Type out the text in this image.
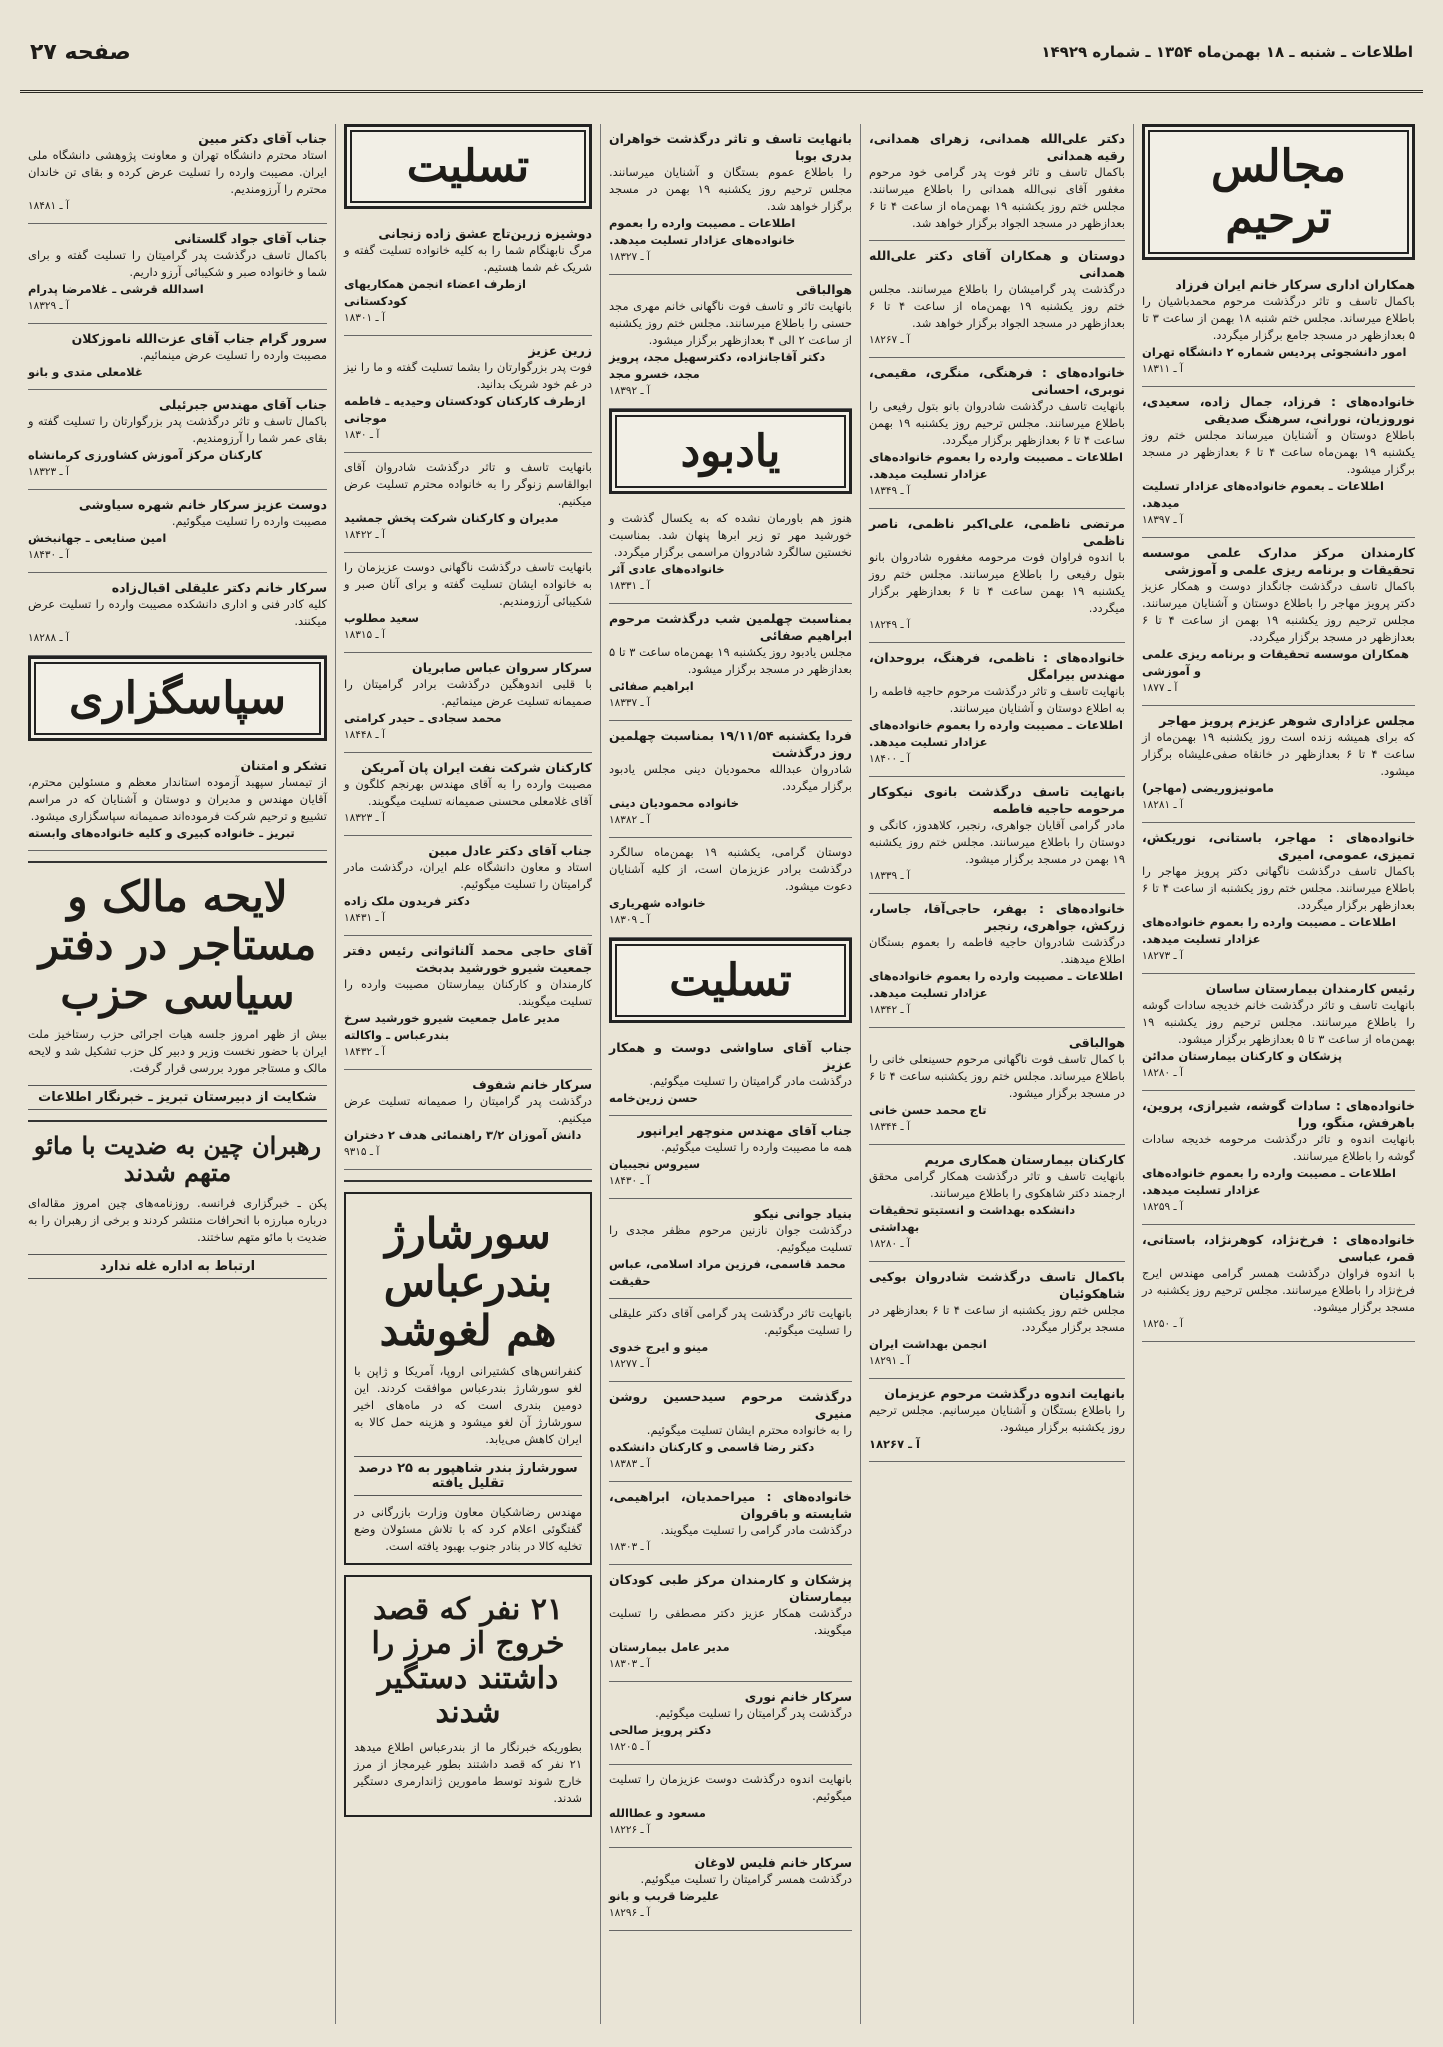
اطلاعات ـ شنبه ـ ۱۸ بهمن‌ماه ۱۳۵۴ ـ شماره ۱۴۹۲۹
صفحه ۲۷
مجالس ترحیم
همکاران اداری سرکار خانم ایران فرزاد
باکمال تاسف و تاثر درگذشت مرحوم محمدباشیان را باطلاع میرساند. مجلس ختم شنبه ۱۸ بهمن از ساعت ۳ تا ۵ بعدازظهر در مسجد جامع برگزار میگردد.
امور دانشجوئی پردیس شماره ۲ دانشگاه تهران
آ ـ ۱۸۳۱۱
خانواده‌های : فرزاد، جمال زاده، سعیدی، نوروزیان، نورانی، سرهنگ صدیقی
باطلاع دوستان و آشنایان میرساند مجلس ختم روز یکشنبه ۱۹ بهمن‌ماه ساعت ۴ تا ۶ بعدازظهر در مسجد برگزار میشود.
اطلاعات ـ بعموم خانواده‌های عزادار تسلیت میدهد.
آ ـ ۱۸۳۹۷
کارمندان مرکز مدارک علمی موسسه تحقیقات و برنامه ریزی علمی و آموزشی
باکمال تاسف درگذشت جانگداز دوست و همکار عزیز دکتر پرویز مهاجر را باطلاع دوستان و آشنایان میرسانند. مجلس ترحیم روز یکشنبه ۱۹ بهمن از ساعت ۴ تا ۶ بعدازظهر در مسجد برگزار میگردد.
همکاران موسسه تحقیقات و برنامه ریزی علمی و آموزشی
آ ـ ۱۸۷۷
مجلس عزاداری شوهر عزیزم پرویز مهاجر
که برای همیشه زنده است روز یکشنبه ۱۹ بهمن‌ماه از ساعت ۴ تا ۶ بعدازظهر در خانقاه صفی‌علیشاه برگزار میشود.
مامونیزوریضی (مهاجر)
آ ـ ۱۸۲۸۱
خانواده‌های : مهاجر، باستانی، نوریکش، تمیزی، عمومی، امیری
باکمال تاسف درگذشت ناگهانی دکتر پرویز مهاجر را باطلاع میرسانند. مجلس ختم روز یکشنبه از ساعت ۴ تا ۶ بعدازظهر برگزار میگردد.
اطلاعات ـ مصیبت وارده را بعموم خانواده‌های عزادار تسلیت میدهد.
آ ـ ۱۸۲۷۳
رئیس کارمندان بیمارستان ساسان
بانهایت تاسف و تاثر درگذشت خانم خدیجه سادات گوشه را باطلاع میرسانند. مجلس ترحیم روز یکشنبه ۱۹ بهمن‌ماه از ساعت ۳ تا ۵ بعدازظهر برگزار میشود.
پزشکان و کارکنان بیمارستان مدائن
آ ـ ۱۸۲۸۰
خانواده‌های : سادات گوشه، شیرازی، پروین، باهرفش، منگو، ورا
بانهایت اندوه و تاثر درگذشت مرحومه خدیجه سادات گوشه را باطلاع میرسانند.
اطلاعات ـ مصیبت وارده را بعموم خانواده‌های عزادار تسلیت میدهد.
آ ـ ۱۸۲۵۹
خانواده‌های : فرخ‌نژاد، کوهرنژاد، باستانی، قمر، عباسی
با اندوه فراوان درگذشت همسر گرامی مهندس ایرج فرخ‌نژاد را باطلاع میرسانند. مجلس ترحیم روز یکشنبه در مسجد برگزار میشود.
آ ـ ۱۸۲۵۰
دکتر علی‌الله همدانی، زهرای همدانی، رقیه همدانی
باکمال تاسف و تاثر فوت پدر گرامی خود مرحوم مغفور آقای نبی‌الله همدانی را باطلاع میرسانند. مجلس ختم روز یکشنبه ۱۹ بهمن‌ماه از ساعت ۴ تا ۶ بعدازظهر در مسجد الجواد برگزار خواهد شد.
دوستان و همکاران آقای دکتر علی‌الله همدانی
درگذشت پدر گرامیشان را باطلاع میرسانند. مجلس ختم روز یکشنبه ۱۹ بهمن‌ماه از ساعت ۴ تا ۶ بعدازظهر در مسجد الجواد برگزار خواهد شد.
آ ـ ۱۸۲۶۷
خانواده‌های : فرهنگی، منگری، مقیمی، نوبری، احسانی
بانهایت تاسف درگذشت شادروان بانو بتول رفیعی را باطلاع میرسانند. مجلس ترحیم روز یکشنبه ۱۹ بهمن ساعت ۴ تا ۶ بعدازظهر برگزار میگردد.
اطلاعات ـ مصیبت وارده را بعموم خانواده‌های عزادار تسلیت میدهد.
آ ـ ۱۸۳۴۹
مرتضی ناظمی، علی‌اکبر ناظمی، ناصر ناظمی
با اندوه فراوان فوت مرحومه مغفوره شادروان بانو بتول رفیعی را باطلاع میرسانند. مجلس ختم روز یکشنبه ۱۹ بهمن ساعت ۴ تا ۶ بعدازظهر برگزار میگردد.
آ ـ ۱۸۲۴۹
خانواده‌های : ناظمی، فرهنگ، بروحدان، مهندس بیرامگل
بانهایت تاسف و تاثر درگذشت مرحوم حاجیه فاطمه را به اطلاع دوستان و آشنایان میرسانند.
اطلاعات ـ مصیبت وارده را بعموم خانواده‌های عزادار تسلیت میدهد.
آ ـ ۱۸۴۰۰
بانهایت تاسف درگذشت بانوی نیکوکار مرحومه حاجیه فاطمه
مادر گرامی آقایان جواهری، رنجبر، کلاهدوز، کانگی و دوستان را باطلاع میرسانند. مجلس ختم روز یکشنبه ۱۹ بهمن در مسجد برگزار میشود.
آ ـ ۱۸۳۳۹
خانواده‌های : بهفر، حاجی‌آقا، جاسار، زرکش، جواهری، رنجبر
درگذشت شادروان حاجیه فاطمه را بعموم بستگان اطلاع میدهند.
اطلاعات ـ مصیبت وارده را بعموم خانواده‌های عزادار تسلیت میدهد.
آ ـ ۱۸۳۴۲
هوالباقی
با کمال تاسف فوت ناگهانی مرحوم حسینعلی خانی را باطلاع میرساند. مجلس ختم روز یکشنبه ساعت ۴ تا ۶ در مسجد برگزار میشود.
تاج محمد حسن خانی
آ ـ ۱۸۳۴۴
کارکنان بیمارستان همکاری مریم
بانهایت تاسف و تاثر درگذشت همکار گرامی محقق ارجمند دکتر شاهکوی را باطلاع میرسانند.
دانشکده بهداشت و انستیتو تحقیقات بهداشتی
آ ـ ۱۸۲۸۰
باکمال تاسف درگذشت شادروان بوکیی شاهکوئیان
مجلس ختم روز یکشنبه از ساعت ۴ تا ۶ بعدازظهر در مسجد برگزار میگردد.
انجمن بهداشت ایران
آ ـ ۱۸۲۹۱
بانهایت اندوه درگذشت مرحوم عزیزمان
را باطلاع بستگان و آشنایان میرسانیم. مجلس ترحیم روز یکشنبه برگزار میشود.
آ ـ ۱۸۲۶۷
بانهایت تاسف و تاثر درگذشت خواهران بدری بوبا
را باطلاع عموم بستگان و آشنایان میرسانند. مجلس ترحیم روز یکشنبه ۱۹ بهمن در مسجد برگزار خواهد شد.
اطلاعات ـ مصیبت وارده را بعموم خانواده‌های عزادار تسلیت میدهد.
آ ـ ۱۸۳۲۷
هوالباقی
بانهایت تاثر و تاسف فوت ناگهانی خانم مهری مجد حسنی را باطلاع میرسانند. مجلس ختم روز یکشنبه از ساعت ۲ الی ۴ بعدازظهر برگزار میشود.
دکتر آقاجانزاده، دکترسهیل مجد، پرویز مجد، خسرو مجد
آ ـ ۱۸۳۹۲
یادبود
هنوز هم باورمان نشده که به یکسال گذشت و خورشید مهر تو زیر ابرها پنهان شد. بمناسبت نخستین سالگرد شادروان مراسمی برگزار میگردد.
خانواده‌های عادی آثر
آ ـ ۱۸۳۳۱
بمناسبت چهلمین شب درگذشت مرحوم ابراهیم صفائی
مجلس یادبود روز یکشنبه ۱۹ بهمن‌ماه ساعت ۳ تا ۵ بعدازظهر در مسجد برگزار میشود.
ابراهیم صفائی
آ ـ ۱۸۳۳۷
فردا یکشنبه ۱۹/۱۱/۵۴ بمناسبت چهلمین روز درگذشت
شادروان عبدالله محمودیان دینی مجلس یادبود برگزار میگردد.
خانواده محمودیان دینی
آ ـ ۱۸۳۸۲
دوستان گرامی، یکشنبه ۱۹ بهمن‌ماه سالگرد درگذشت برادر عزیزمان است، از کلیه آشنایان دعوت میشود.
خانواده شهریاری
آ ـ ۱۸۳۰۹
تسلیت
جناب آقای ساواشی دوست و همکار عزیز
درگذشت مادر گرامیتان را تسلیت میگوئیم.
حسن زرین‌خامه
جناب آقای مهندس منوچهر ایرانپور
همه ما مصیبت وارده را تسلیت میگوئیم.
سیروس نجیبیان
آ ـ ۱۸۴۳۰
بنیاد جوانی نیکو
درگذشت جوان نازنین مرحوم مظفر مجدی را تسلیت میگوئیم.
محمد قاسمی، فرزین مراد اسلامی، عباس حقیقت
بانهایت تاثر درگذشت پدر گرامی آقای دکتر علیقلی را تسلیت میگوئیم.
مینو و ایرج خدوی
آ ـ ۱۸۲۷۷
درگذشت مرحوم سیدحسین روشن منیری
را به خانواده محترم ایشان تسلیت میگوئیم.
دکتر رضا قاسمی و کارکنان دانشکده
آ ـ ۱۸۳۸۳
خانواده‌های : میراحمدیان، ابراهیمی، شایسته و باقروان
درگذشت مادر گرامی را تسلیت میگویند.
آ ـ ۱۸۳۰۳
پزشکان و کارمندان مرکز طبی کودکان بیمارستان
درگذشت همکار عزیز دکتر مصطفی را تسلیت میگویند.
مدیر عامل بیمارستان
آ ـ ۱۸۳۰۳
سرکار خانم نوری
درگذشت پدر گرامیتان را تسلیت میگوئیم.
دکتر پرویز صالحی
آ ـ ۱۸۲۰۵
بانهایت اندوه درگذشت دوست عزیزمان را تسلیت میگوئیم.
مسعود و عطاالله
آ ـ ۱۸۲۲۶
سرکار خانم فلیس لاوغان
درگذشت همسر گرامیتان را تسلیت میگوئیم.
علیرضا قربب و بانو
آ ـ ۱۸۲۹۶
تسلیت
دوشیزه زرین‌تاج عشق زاده زنجانی
مرگ نابهنگام شما را به کلیه خانواده تسلیت گفته و شریک غم شما هستیم.
ازطرف اعضاء انجمن همکاریهای کودکستانی
آ ـ ۱۸۳۰۱
زرین عزیز
فوت پدر بزرگوارتان را بشما تسلیت گفته و ما را نیز در غم خود شریک بدانید.
ازطرف کارکنان کودکستان وحیدیه ـ فاطمه موجانی
آ ـ ۱۸۳۰
بانهایت تاسف و تاثر درگذشت شادروان آقای ابوالقاسم زنوگر را به خانواده محترم تسلیت عرض میکنیم.
مدیران و کارکنان شرکت پخش جمشید
آ ـ ۱۸۴۲۲
بانهایت تاسف درگذشت ناگهانی دوست عزیزمان را به خانواده ایشان تسلیت گفته و برای آنان صبر و شکیبائی آرزومندیم.
سعید مطلوب
آ ـ ۱۸۳۱۵
سرکار سروان عباس صابریان
با قلبی اندوهگین درگذشت برادر گرامیتان را صمیمانه تسلیت عرض مینمائیم.
محمد سجادی ـ حیدر کرامتی
آ ـ ۱۸۴۴۸
کارکنان شرکت نفت ایران پان آمریکن
مصیبت وارده را به آقای مهندس بهرنجم کلگون و آقای غلامعلی محسنی صمیمانه تسلیت میگویند.
آ ـ ۱۸۳۲۳
جناب آقای دکتر عادل مبین
استاد و معاون دانشگاه علم ایران، درگذشت مادر گرامیتان را تسلیت میگوئیم.
دکتر فریدون ملک زاده
آ ـ ۱۸۴۳۱
آقای حاجی محمد آلناثوانی رئیس دفتر جمعیت شیرو خورشید بدبخت
کارمندان و کارکنان بیمارستان مصیبت وارده را تسلیت میگویند.
مدیر عامل جمعیت شیرو خورشید سرخ بندرعباس ـ واکالته
آ ـ ۱۸۴۳۲
سرکار خانم شفوف
درگذشت پدر گرامیتان را صمیمانه تسلیت عرض میکنیم.
دانش آموزان ۳/۲ راهنمائی هدف ۲ دختران
آ ـ ۹۳۱۵
سورشارژ بندرعباس هم لغوشد
کنفرانس‌های کشتیرانی اروپا، آمریکا و ژاپن با لغو سورشارژ بندرعباس موافقت کردند. این دومین بندری است که در ماه‌های اخیر سورشارژ آن لغو میشود و هزینه حمل کالا به ایران کاهش می‌یابد.
سورشارژ بندر شاهپور به ۲۵ درصد تقلیل یافته
مهندس رضاشکیان معاون وزارت بازرگانی در گفتگوئی اعلام کرد که با تلاش مسئولان وضع تخلیه کالا در بنادر جنوب بهبود یافته است.
۲۱ نفر که قصد خروج از مرز را داشتند دستگیر شدند
بطوریکه خبرنگار ما از بندرعباس اطلاع میدهد ۲۱ نفر که قصد داشتند بطور غیرمجاز از مرز خارج شوند توسط مامورین ژاندارمری دستگیر شدند.
جناب آقای دکتر مبین
استاد محترم دانشگاه تهران و معاونت پژوهشی دانشگاه ملی ایران. مصیبت وارده را تسلیت عرض کرده و بقای تن خاندان محترم را آرزومندیم.
آ ـ ۱۸۴۸۱
جناب آقای جواد گلستانی
باکمال تاسف درگذشت پدر گرامیتان را تسلیت گفته و برای شما و خانواده صبر و شکیبائی آرزو داریم.
اسدالله قرشی ـ غلامرضا پدرام
آ ـ ۱۸۳۲۹
سرور گرام جناب آقای عزت‌الله ناموزکلان
مصیبت وارده را تسلیت عرض مینمائیم.
غلامعلی متدی و بانو
جناب آقای مهندس جبرئیلی
باکمال تاسف و تاثر درگذشت پدر بزرگوارتان را تسلیت گفته و بقای عمر شما را آرزومندیم.
کارکنان مرکز آموزش کشاورزی کرمانشاه
آ ـ ۱۸۳۲۳
دوست عزیز سرکار خانم شهره سیاوشی
مصیبت وارده را تسلیت میگوئیم.
امین صنایعی ـ جهانبخش
آ ـ ۱۸۴۳۰
سرکار خانم دکتر علیقلی اقبال‌زاده
کلیه کادر فنی و اداری دانشکده مصیبت وارده را تسلیت عرض میکنند.
آ ـ ۱۸۲۸۸
سپاسگزاری
تشکر و امتنان
از تیمسار سپهبد آزموده استاندار معظم و مسئولین محترم، آقایان مهندس و مدیران و دوستان و آشنایان که در مراسم تشییع و ترحیم شرکت فرموده‌اند صمیمانه سپاسگزاری میشود.
تبریز ـ خانواده کبیری و کلیه خانواده‌های وابسته
لایحه مالک و مستاجر در دفتر سیاسی حزب
بیش از ظهر امروز جلسه هیات اجرائی حزب رستاخیز ملت ایران با حضور نخست وزیر و دبیر کل حزب تشکیل شد و لایحه مالک و مستاجر مورد بررسی قرار گرفت.
شکایت از دبیرستان تبریز ـ خبرنگار اطلاعات
رهبران چین به ضدیت با مائو متهم شدند
پکن ـ خبرگزاری فرانسه. روزنامه‌های چین امروز مقاله‌ای درباره مبارزه با انحرافات منتشر کردند و برخی از رهبران را به ضدیت با مائو متهم ساختند.
ارتباط به اداره غله ندارد
